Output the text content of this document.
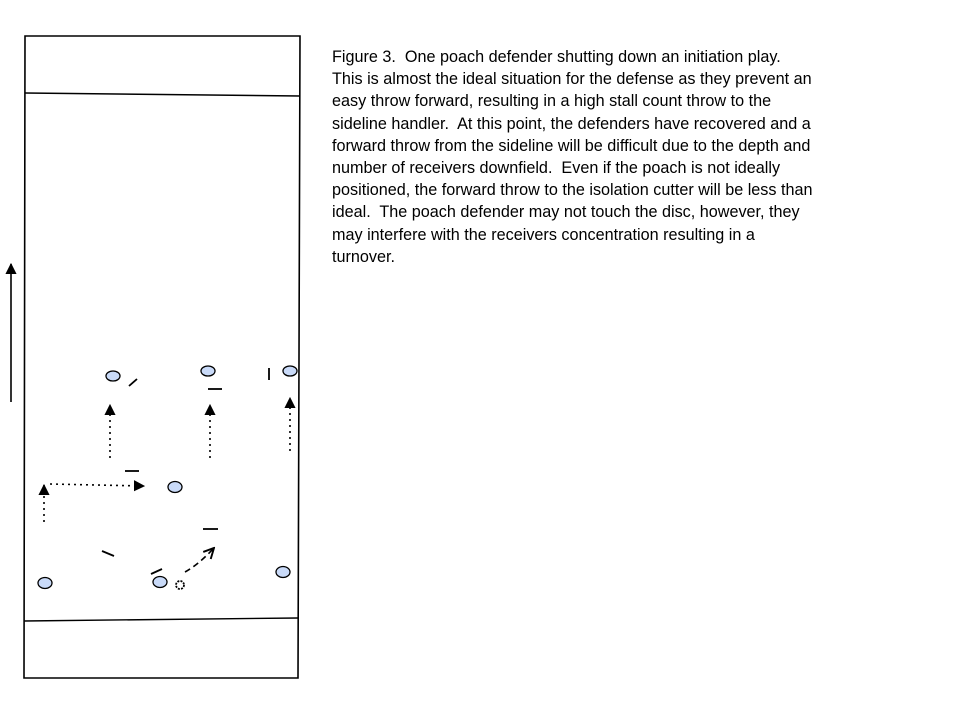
Figure 3.  One poach defender shutting down an initiation play.
This is almost the ideal situation for the defense as they prevent an
easy throw forward, resulting in a high stall count throw to the
sideline handler.  At this point, the defenders have recovered and a
forward throw from the sideline will be difficult due to the depth and
number of receivers downfield.  Even if the poach is not ideally
positioned, the forward throw to the isolation cutter will be less than
ideal.  The poach defender may not touch the disc, however, they
may interfere with the receivers concentration resulting in a
turnover.
